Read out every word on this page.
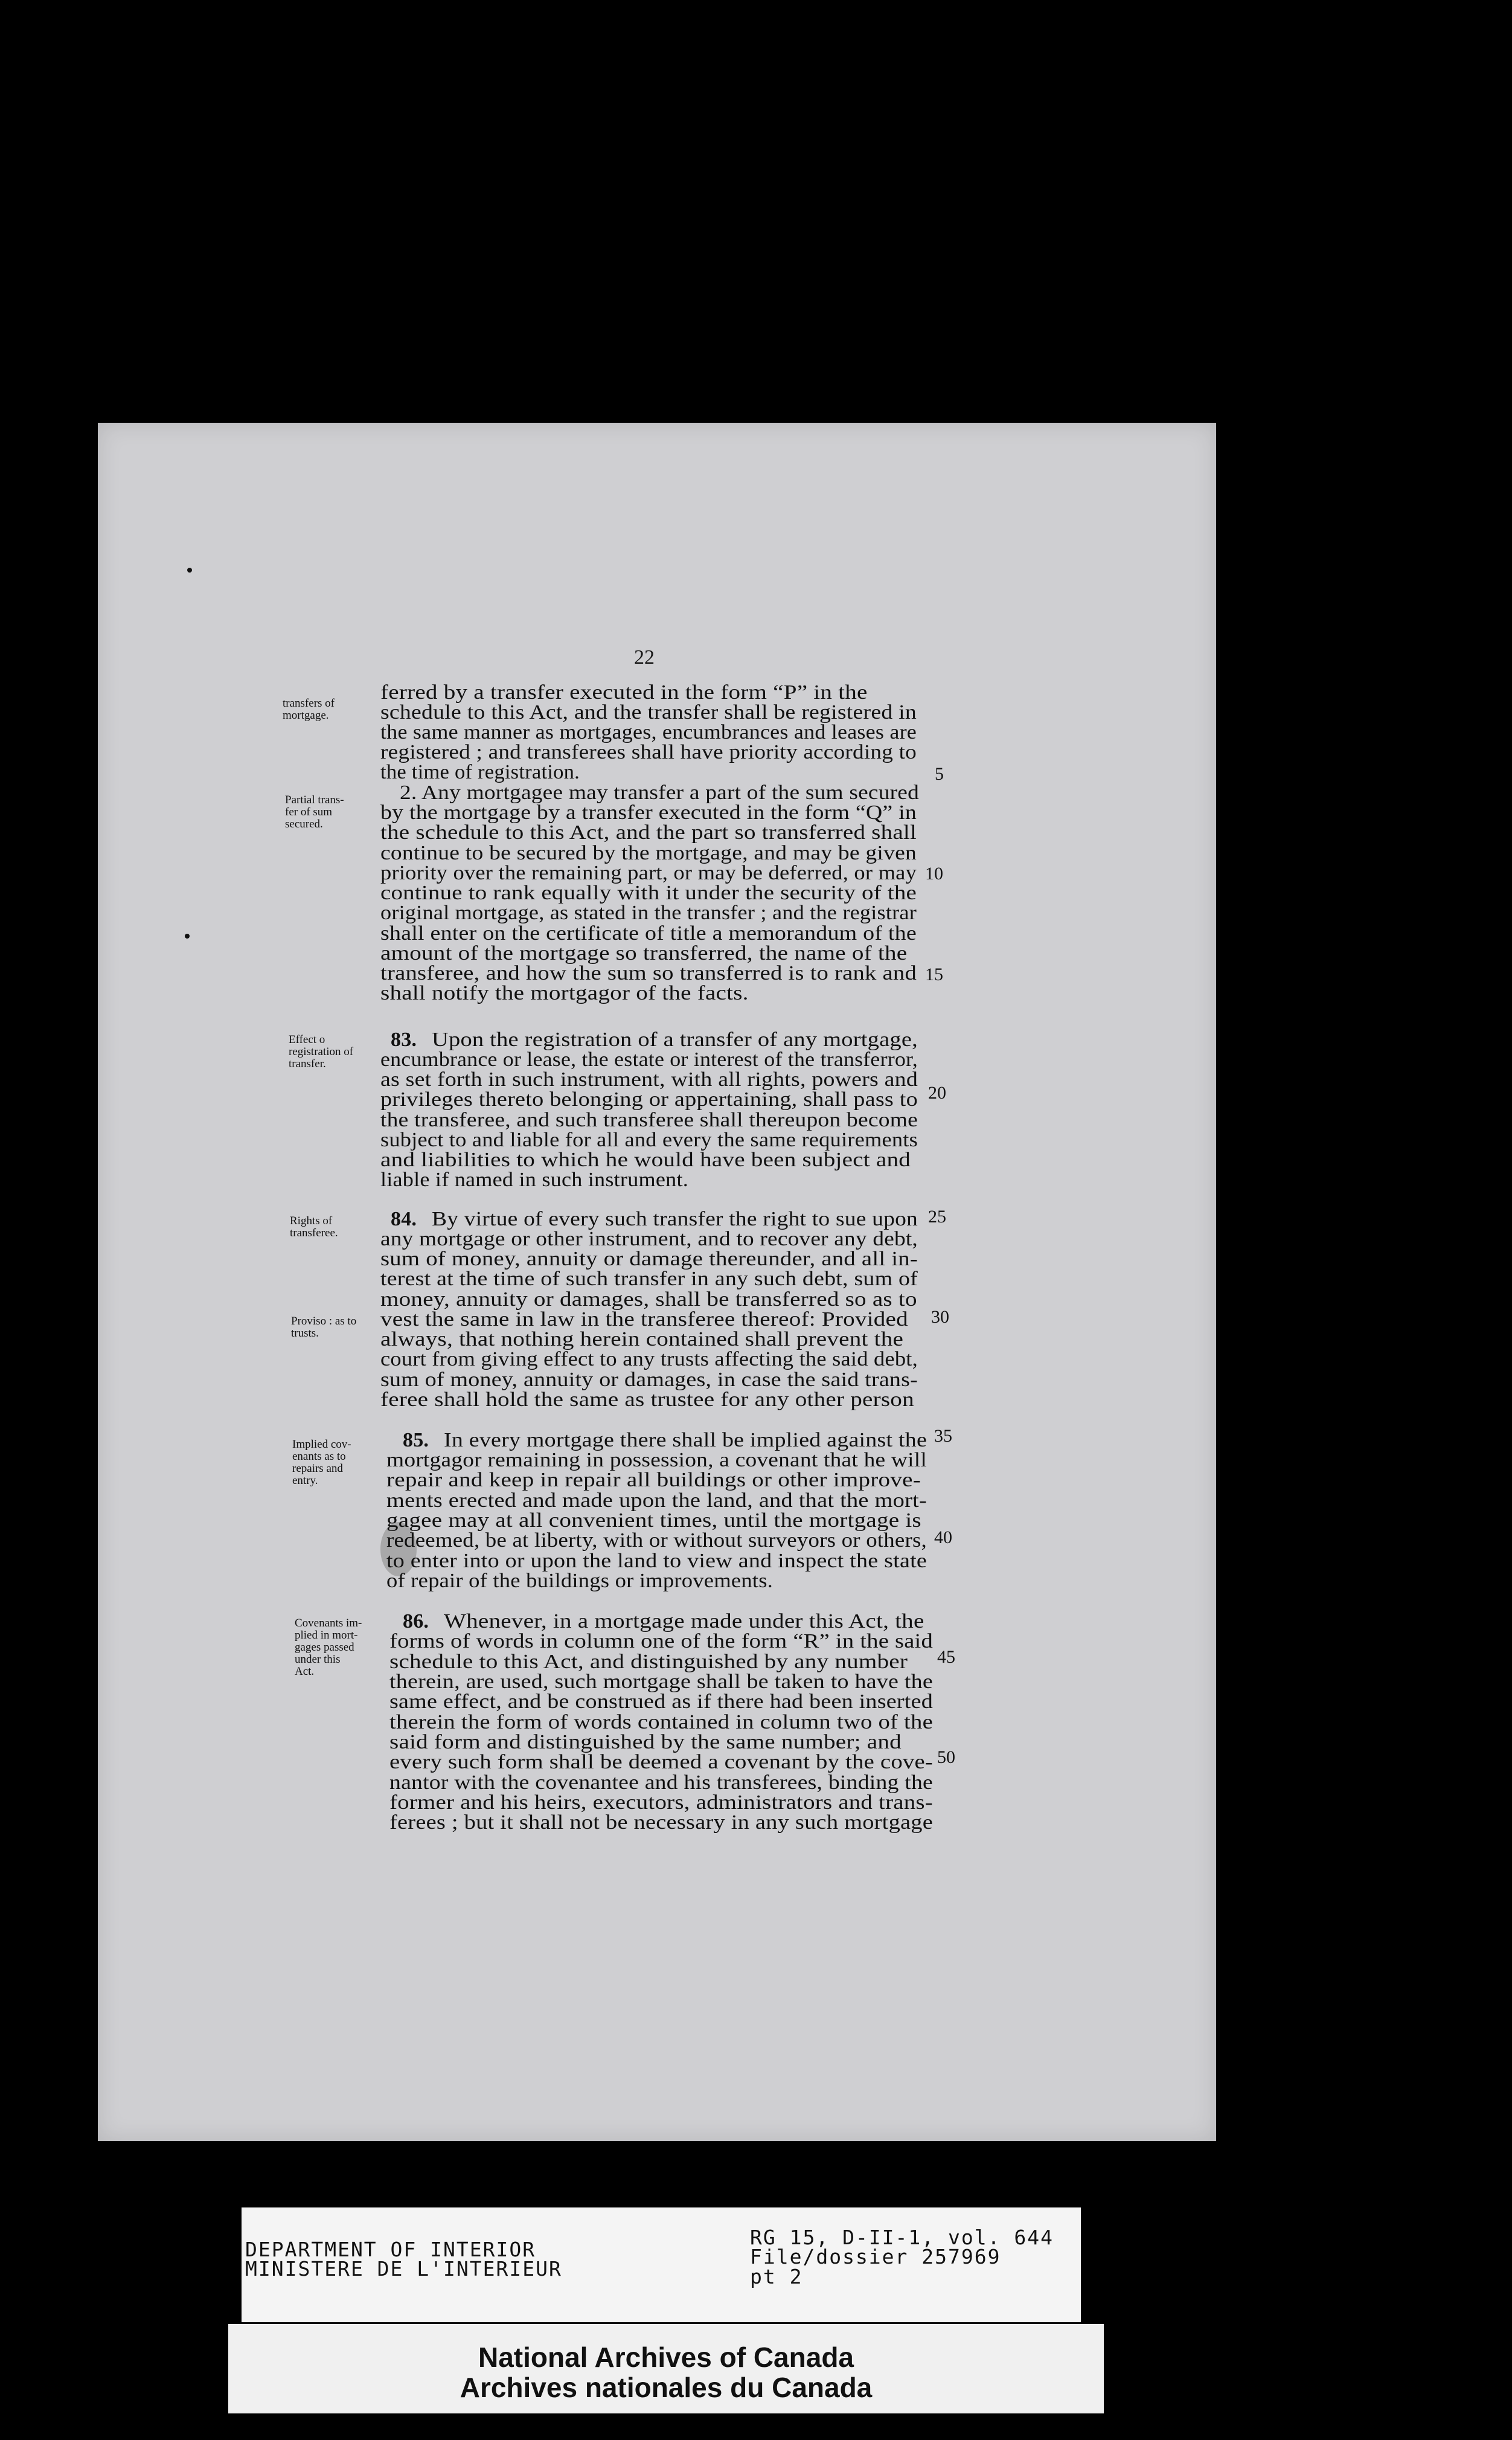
22
ferred by a transfer executed in the form “P” in the
schedule to this Act, and the transfer shall be registered in
the same manner as mortgages, encumbrances and leases are
registered ; and transferees shall have priority according to
the time of registration.
2. Any mortgagee may transfer a part of the sum secured
by the mortgage by a transfer executed in the form “Q” in
the schedule to this Act, and the part so transferred shall
continue to be secured by the mortgage, and may be given
priority over the remaining part, or may be deferred, or may
continue to rank equally with it under the security of the
original mortgage, as stated in the transfer ; and the registrar
shall enter on the certificate of title a memorandum of the
amount of the mortgage so transferred, the name of the
transferee, and how the sum so transferred is to rank and
shall notify the mortgagor of the facts.
Upon the registration of a transfer of any mortgage,
83.
encumbrance or lease, the estate or interest of the transferror,
as set forth in such instrument, with all rights, powers and
privileges thereto belonging or appertaining, shall pass to
the transferee, and such transferee shall thereupon become
subject to and liable for all and every the same requirements
and liabilities to which he would have been subject and
liable if named in such instrument.
By virtue of every such transfer the right to sue upon
84.
any mortgage or other instrument, and to recover any debt,
sum of money, annuity or damage thereunder, and all in-
terest at the time of such transfer in any such debt, sum of
money, annuity or damages, shall be transferred so as to
vest the same in law in the transferee thereof: Provided
always, that nothing herein contained shall prevent the
court from giving effect to any trusts affecting the said debt,
sum of money, annuity or damages, in case the said trans-
feree shall hold the same as trustee for any other person
In every mortgage there shall be implied against the
85.
mortgagor remaining in possession, a covenant that he will
repair and keep in repair all buildings or other improve-
ments erected and made upon the land, and that the mort-
gagee may at all convenient times, until the mortgage is
redeemed, be at liberty, with or without surveyors or others,
to enter into or upon the land to view and inspect the state
of repair of the buildings or improvements.
Whenever, in a mortgage made under this Act, the
86.
forms of words in column one of the form “R” in the said
schedule to this Act, and distinguished by any number
therein, are used, such mortgage shall be taken to have the
same effect, and be construed as if there had been inserted
therein the form of words contained in column two of the
said form and distinguished by the same number; and
every such form shall be deemed a covenant by the cove-
nantor with the covenantee and his transferees, binding the
former and his heirs, executors, administrators and trans-
ferees ; but it shall not be necessary in any such mortgage
transfers of
mortgage.
Partial trans-
fer of sum
secured.
Effect o
registration of
transfer.
Rights of
transferee.
Proviso : as to
trusts.
Implied cov-
enants as to
repairs and
entry.
Covenants im-
plied in mort-
gages passed
under this
Act.
5
10
15
20
25
30
35
40
45
50
DEPARTMENT OF INTERIOR
MINISTERE DE L'INTERIEUR
RG 15, D-II-1, vol. 644
File/dossier 257969
pt 2
National Archives of Canada
Archives nationales du Canada
